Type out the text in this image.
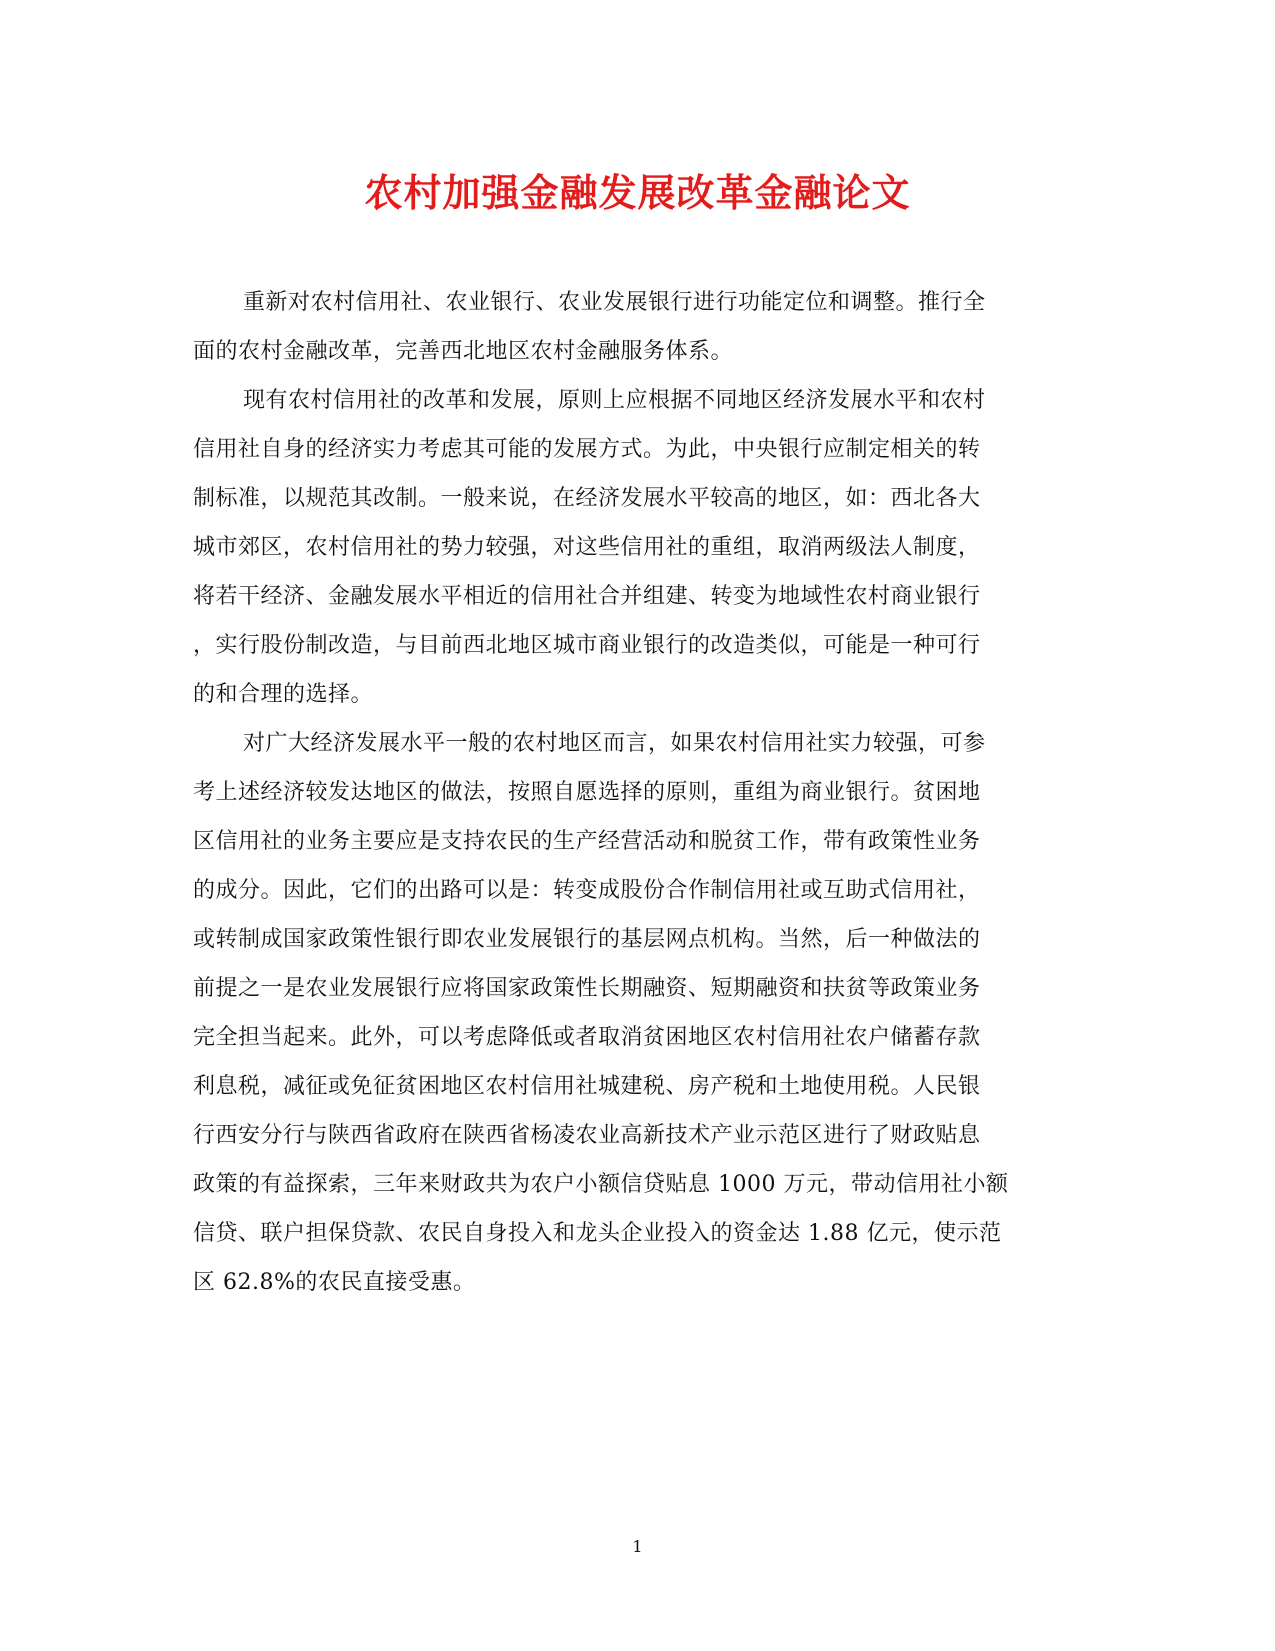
农村加强金融发展改革金融论文
重新对农村信用社、农业银行、农业发展银行进行功能定位和调整。推行全
面的农村金融改革，完善西北地区农村金融服务体系。
现有农村信用社的改革和发展，原则上应根据不同地区经济发展水平和农村
信用社自身的经济实力考虑其可能的发展方式。为此，中央银行应制定相关的转
制标准，以规范其改制。一般来说，在经济发展水平较高的地区，如：西北各大
城市郊区，农村信用社的势力较强，对这些信用社的重组，取消两级法人制度，
将若干经济、金融发展水平相近的信用社合并组建、转变为地域性农村商业银行
，实行股份制改造，与目前西北地区城市商业银行的改造类似，可能是一种可行
的和合理的选择。
对广大经济发展水平一般的农村地区而言，如果农村信用社实力较强，可参
考上述经济较发达地区的做法，按照自愿选择的原则，重组为商业银行。贫困地
区信用社的业务主要应是支持农民的生产经营活动和脱贫工作，带有政策性业务
的成分。因此，它们的出路可以是：转变成股份合作制信用社或互助式信用社，
或转制成国家政策性银行即农业发展银行的基层网点机构。当然，后一种做法的
前提之一是农业发展银行应将国家政策性长期融资、短期融资和扶贫等政策业务
完全担当起来。此外，可以考虑降低或者取消贫困地区农村信用社农户储蓄存款
利息税，减征或免征贫困地区农村信用社城建税、房产税和土地使用税。人民银
行西安分行与陕西省政府在陕西省杨凌农业高新技术产业示范区进行了财政贴息
政策的有益探索，三年来财政共为农户小额信贷贴息 1000 万元，带动信用社小额
信贷、联户担保贷款、农民自身投入和龙头企业投入的资金达 1.88 亿元，使示范
区 62.8%的农民直接受惠。
1
